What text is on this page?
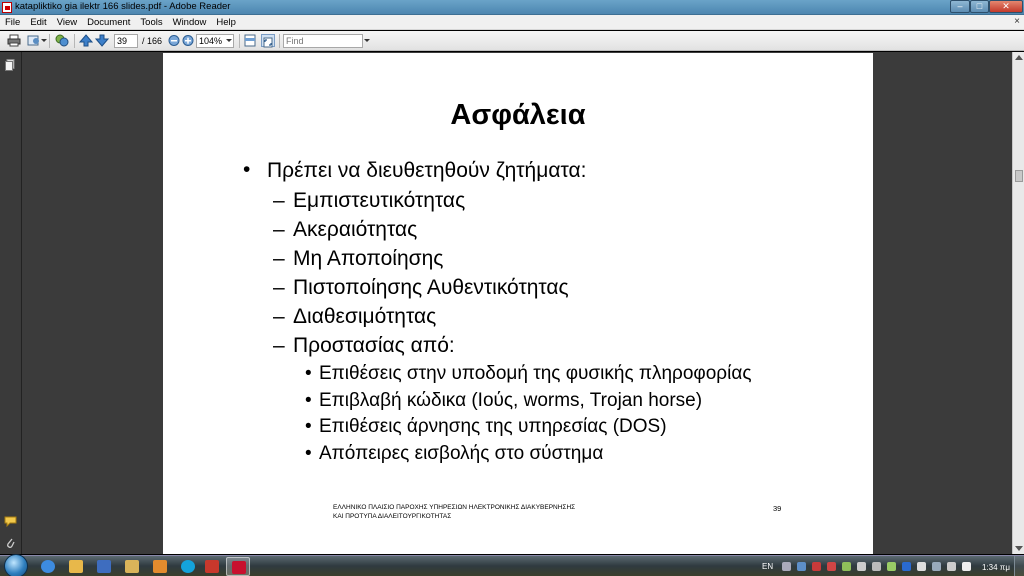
katapliktiko gia ilektr 166 slides.pdf - Adobe Reader	–	□	✕
File	Edit	View	Document	Tools	Window	Help	×
39	/ 166	104%
Find
Ασφάλεια
• Πρέπει να διευθετηθούν ζητήματα:
– Εμπιστευτικότητας
– Ακεραιότητας
– Μη Αποποίησης
– Πιστοποίησης Αυθεντικότητας
– Διαθεσιμότητας
– Προστασίας από:
• Επιθέσεις στην υποδομή της φυσικής πληροφορίας
• Επιβλαβή κώδικα (Ιούς, worms, Trojan horse)
• Επιθέσεις άρνησης της υπηρεσίας (DOS)
• Απόπειρες εισβολής στο σύστημα
ΕΛΛΗΝΙΚΟ ΠΛΑΙΣΙΟ ΠΑΡΟΧΗΣ ΥΠΗΡΕΣΙΩΝ ΗΛΕΚΤΡΟΝΙΚΗΣ ΔΙΑΚΥΒΕΡΝΗΣΗΣ
ΚΑΙ ΠΡΟΤΥΠΑ ΔΙΑΛΕΙΤΟΥΡΓΙΚΟΤΗΤΑΣ
39
EN	1:34 πμ
